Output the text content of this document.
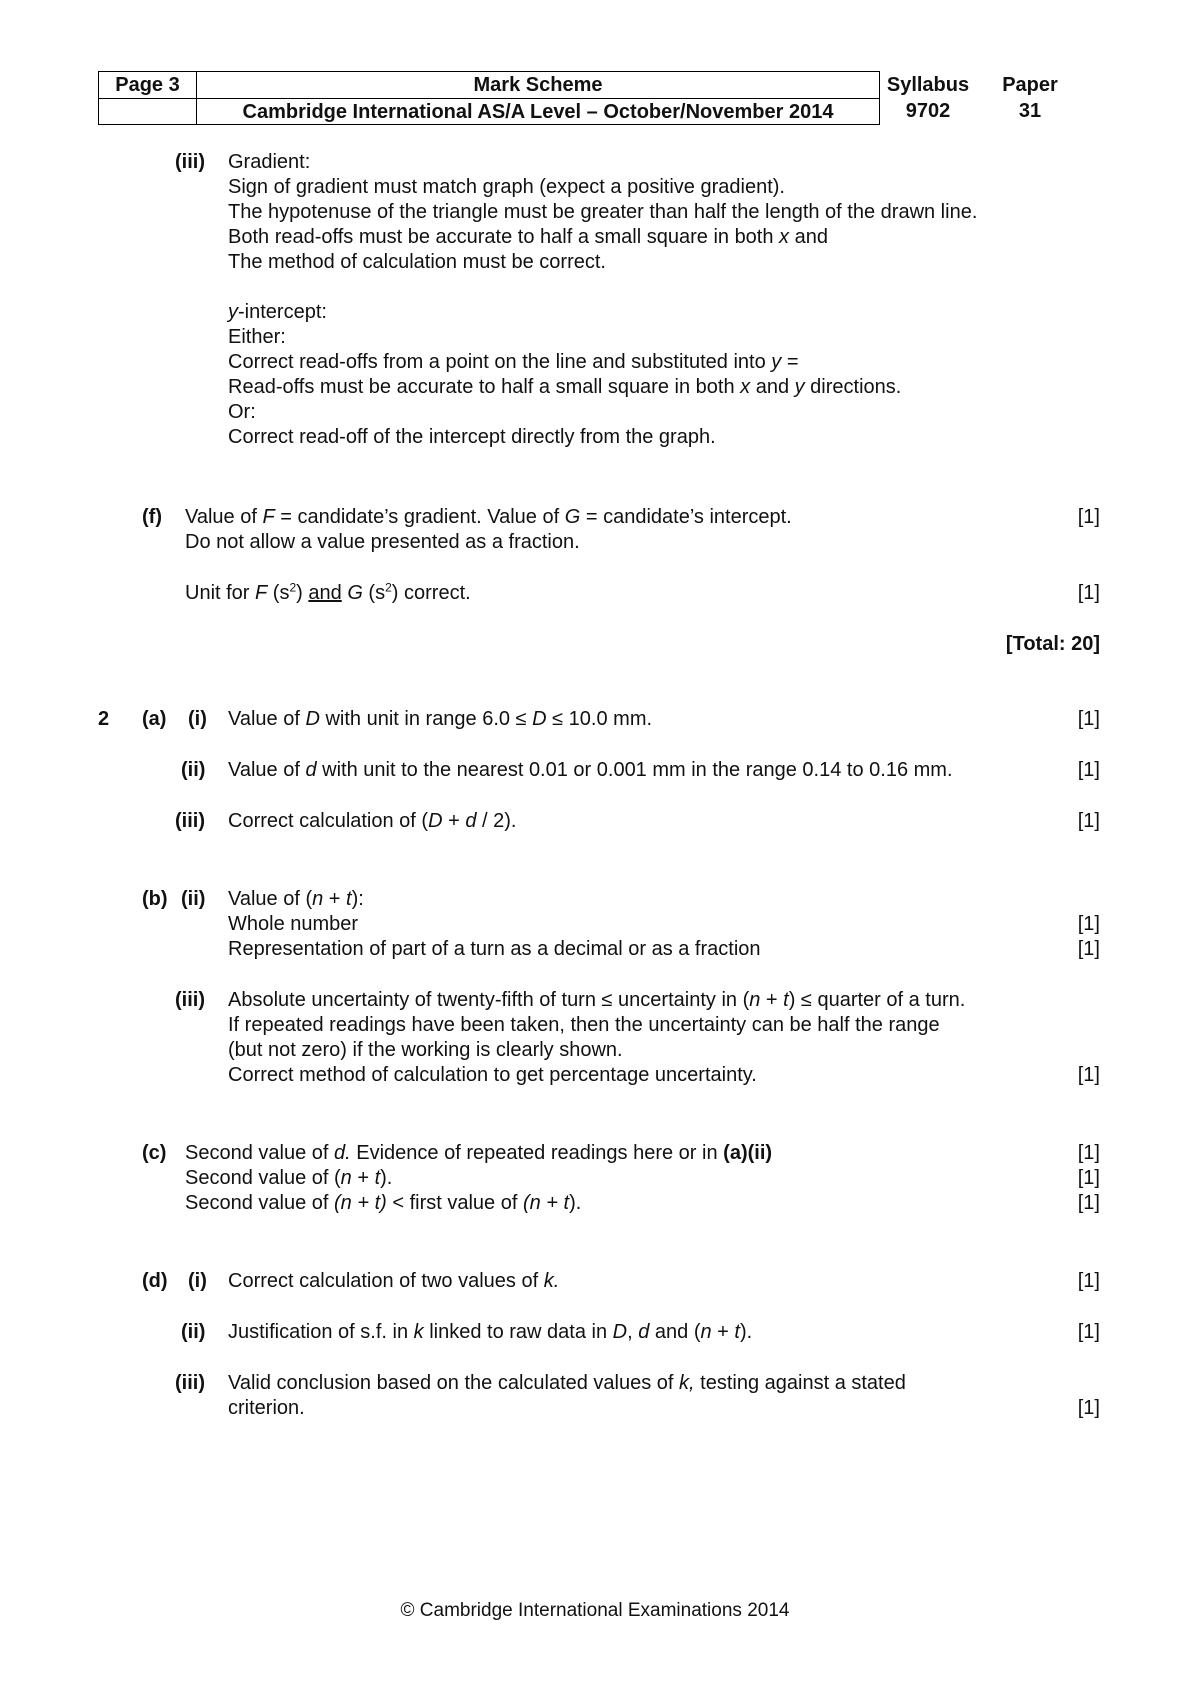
Page 3	Mark Scheme
Cambridge International AS/A Level – October/November 2014
Syllabus
9702
Paper
31
(iii) Gradient:
Sign of gradient must match graph (expect a positive gradient).
The hypotenuse of the triangle must be greater than half the length of the drawn line.
Both read-offs must be accurate to half a small square in both x and
The method of calculation must be correct.
y-intercept:
Either:
Correct read-offs from a point on the line and substituted into y =
Read-offs must be accurate to half a small square in both x and y directions.
Or:
Correct read-off of the intercept directly from the graph.
(f) Value of F = candidate’s gradient. Value of G = candidate’s intercept.	[1]
Do not allow a value presented as a fraction.
Unit for F $(s^2)$ and G $(s^2)$ correct.	[1]
[Total: 20]
2 (a) (i) Value of D with unit in range 6.0 ≤ D ≤ 10.0 mm.	[1]
(ii) Value of d with unit to the nearest 0.01 or 0.001 mm in the range 0.14 to 0.16 mm.	[1]
(iii) Correct calculation of (D + d / 2).	[1]
(b) (ii) Value of (n + t):
Whole number	[1]
Representation of part of a turn as a decimal or as a fraction	[1]
(iii) Absolute uncertainty of twenty-fifth of turn ≤ uncertainty in (n + t) ≤ quarter of a turn.
If repeated readings have been taken, then the uncertainty can be half the range
(but not zero) if the working is clearly shown.
Correct method of calculation to get percentage uncertainty.	[1]
(c) Second value of d. Evidence of repeated readings here or in (a)(ii)	[1]
Second value of (n + t).	[1]
Second value of (n + t) < first value of (n + t).	[1]
(d) (i) Correct calculation of two values of k.	[1]
(ii) Justification of s.f. in k linked to raw data in D, d and (n + t).	[1]
(iii) Valid conclusion based on the calculated values of k, testing against a stated
criterion.	[1]
© Cambridge International Examinations 2014
